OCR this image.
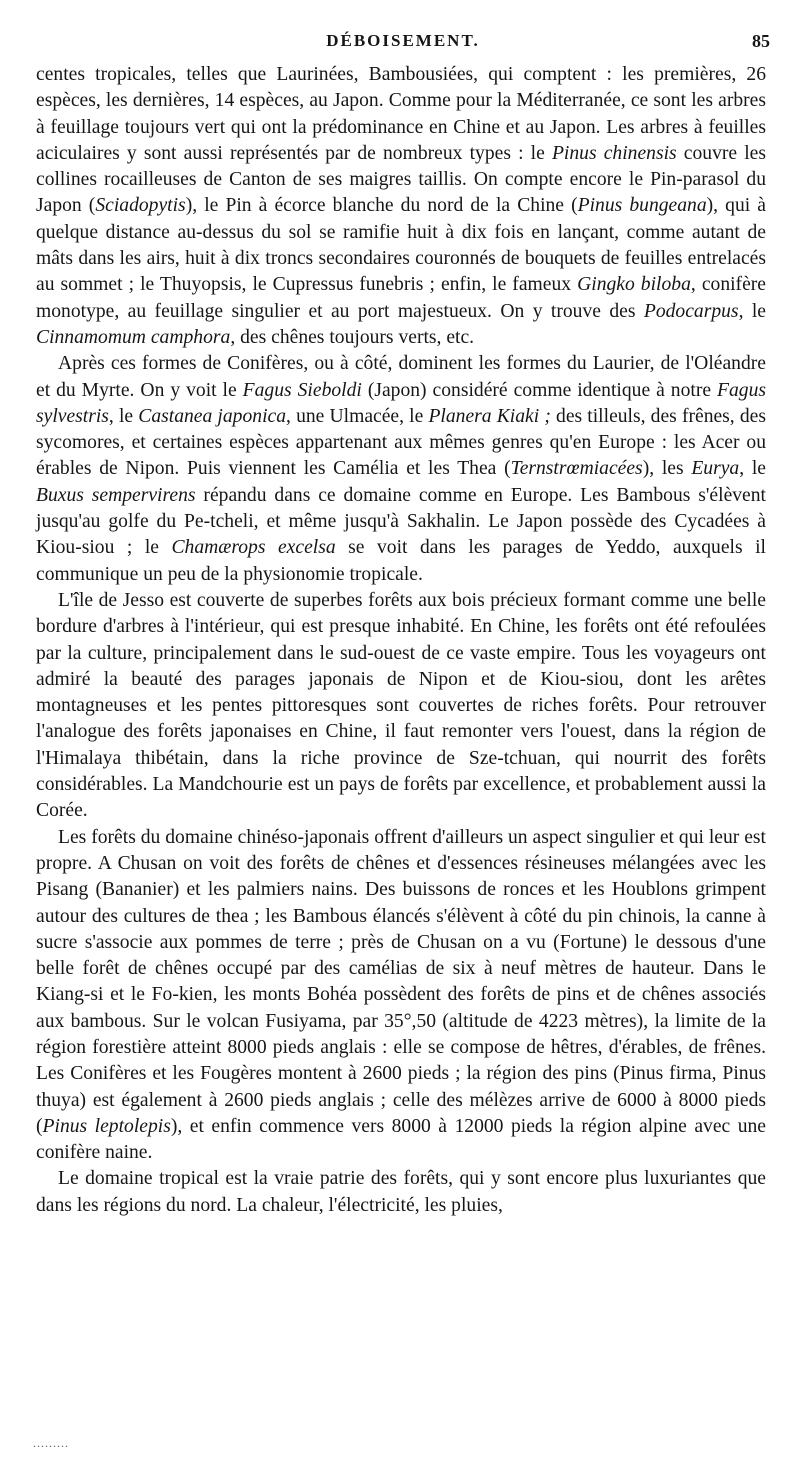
DÉBOISEMENT.	85

centes tropicales, telles que Laurinées, Bambousiées, qui comptent : les premières, 26 espèces, les dernières, 14 espèces, au Japon. Comme pour la Méditerranée, ce sont les arbres à feuillage toujours vert qui ont la prédominance en Chine et au Japon. Les arbres à feuilles aciculaires y sont aussi représentés par de nombreux types : le Pinus chinensis couvre les collines rocailleuses de Canton de ses maigres taillis. On compte encore le Pin-parasol du Japon (Sciadopytis), le Pin à écorce blanche du nord de la Chine (Pinus bungeana), qui à quelque distance au-dessus du sol se ramifie huit à dix fois en lançant, comme autant de mâts dans les airs, huit à dix troncs secondaires couronnés de bouquets de feuilles entrelacés au sommet ; le Thuyopsis, le Cupressus funebris ; enfin, le fameux Gingko biloba, conifère monotype, au feuillage singulier et au port majestueux. On y trouve des Podocarpus, le Cinnamomum camphora, des chênes toujours verts, etc.

Après ces formes de Conifères, ou à côté, dominent les formes du Laurier, de l'Oléandre et du Myrte. On y voit le Fagus Sieboldi (Japon) considéré comme identique à notre Fagus sylvestris, le Castanea japonica, une Ulmacée, le Planera Kiaki ; des tilleuls, des frênes, des sycomores, et certaines espèces appartenant aux mêmes genres qu'en Europe : les Acer ou érables de Nipon. Puis viennent les Camélia et les Thea (Ternstrœmiacées), les Eurya, le Buxus sempervirens répandu dans ce domaine comme en Europe. Les Bambous s'élèvent jusqu'au golfe du Pe-tcheli, et même jusqu'à Sakhalin. Le Japon possède des Cycadées à Kiou-siou ; le Chamærops excelsa se voit dans les parages de Yeddo, auxquels il communique un peu de la physionomie tropicale.

L'île de Jesso est couverte de superbes forêts aux bois précieux formant comme une belle bordure d'arbres à l'intérieur, qui est presque inhabité. En Chine, les forêts ont été refoulées par la culture, principalement dans le sud-ouest de ce vaste empire. Tous les voyageurs ont admiré la beauté des parages japonais de Nipon et de Kiou-siou, dont les arêtes montagneuses et les pentes pittoresques sont couvertes de riches forêts. Pour retrouver l'analogue des forêts japonaises en Chine, il faut remonter vers l'ouest, dans la région de l'Himalaya thibétain, dans la riche province de Sze-tchuan, qui nourrit des forêts considérables. La Mandchourie est un pays de forêts par excellence, et probablement aussi la Corée.

Les forêts du domaine chinéso-japonais offrent d'ailleurs un aspect singulier et qui leur est propre. A Chusan on voit des forêts de chênes et d'essences résineuses mélangées avec les Pisang (Bananier) et les palmiers nains. Des buissons de ronces et les Houblons grimpent autour des cultures de thea ; les Bambous élancés s'élèvent à côté du pin chinois, la canne à sucre s'associe aux pommes de terre ; près de Chusan on a vu (Fortune) le dessous d'une belle forêt de chênes occupé par des camélias de six à neuf mètres de hauteur. Dans le Kiang-si et le Fo-kien, les monts Bohéa possèdent des forêts de pins et de chênes associés aux bambous. Sur le volcan Fusiyama, par 35°,50 (altitude de 4223 mètres), la limite de la région forestière atteint 8000 pieds anglais : elle se compose de hêtres, d'érables, de frênes. Les Conifères et les Fougères montent à 2600 pieds ; la région des pins (Pinus firma, Pinus thuya) est également à 2600 pieds anglais ; celle des mélèzes arrive de 6000 à 8000 pieds (Pinus leptolepis), et enfin commence vers 8000 à 12000 pieds la région alpine avec une conifère naine.

Le domaine tropical est la vraie patrie des forêts, qui y sont encore plus luxuriantes que dans les régions du nord. La chaleur, l'électricité, les pluies,

.........
